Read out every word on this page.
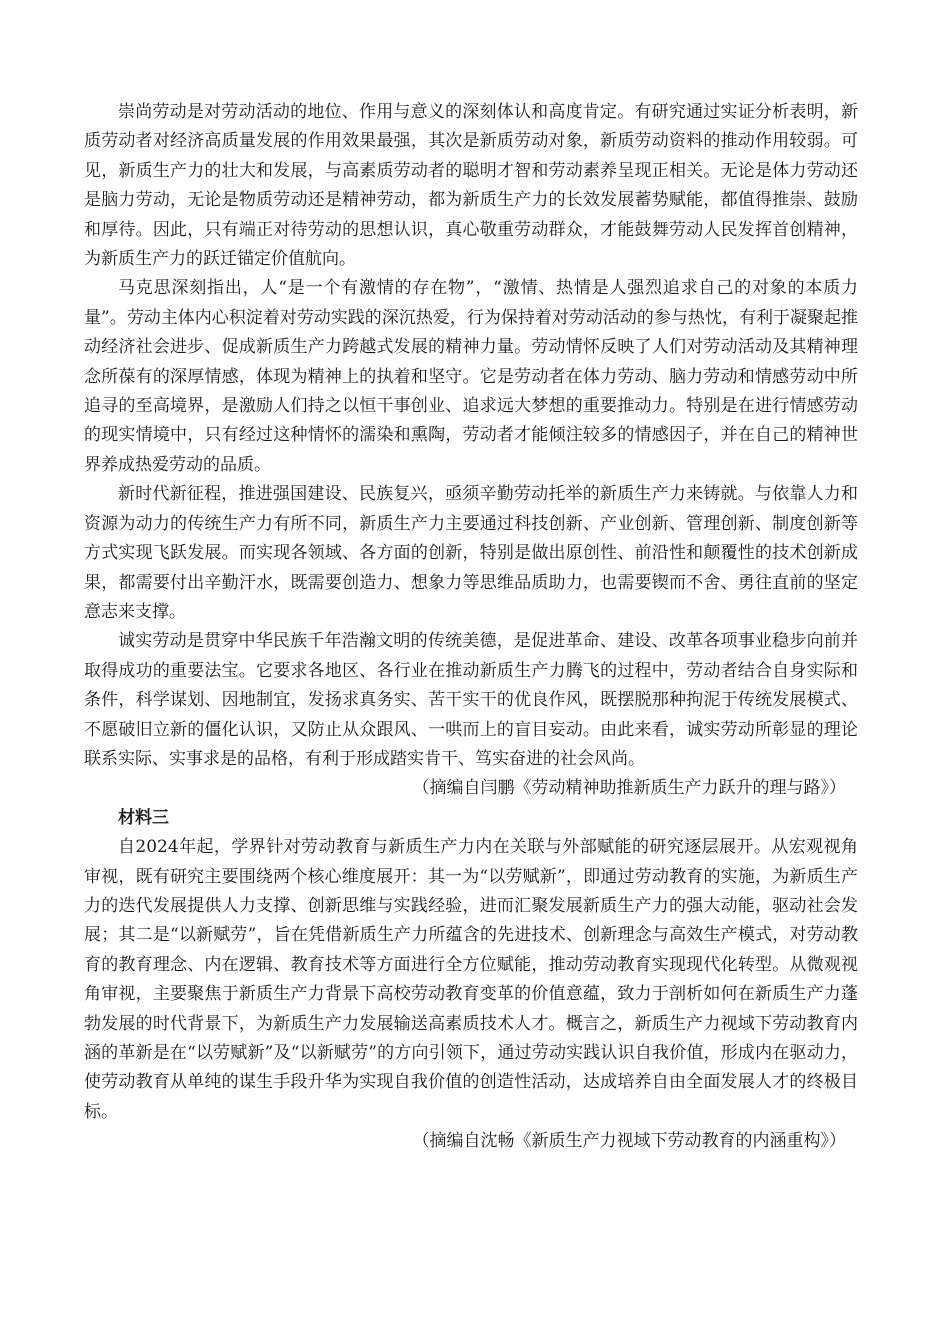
崇尚劳动是对劳动活动的地位、作用与意义的深刻体认和高度肯定。有研究通过实证分析表明，新质劳动者对经济高质量发展的作用效果最强，其次是新质劳动对象，新质劳动资料的推动作用较弱。可见，新质生产力的壮大和发展，与高素质劳动者的聪明才智和劳动素养呈现正相关。无论是体力劳动还是脑力劳动，无论是物质劳动还是精神劳动，都为新质生产力的长效发展蓄势赋能，都值得推崇、鼓励和厚待。因此，只有端正对待劳动的思想认识，真心敬重劳动群众，才能鼓舞劳动人民发挥首创精神，为新质生产力的跃迁锚定价值航向。

马克思深刻指出，人“是一个有激情的存在物”，“激情、热情是人强烈追求自己的对象的本质力量”。劳动主体内心积淀着对劳动实践的深沉热爱，行为保持着对劳动活动的参与热忱，有利于凝聚起推动经济社会进步、促成新质生产力跨越式发展的精神力量。劳动情怀反映了人们对劳动活动及其精神理念所葆有的深厚情感，体现为精神上的执着和坚守。它是劳动者在体力劳动、脑力劳动和情感劳动中所追寻的至高境界，是激励人们持之以恒干事创业、追求远大梦想的重要推动力。特别是在进行情感劳动的现实情境中，只有经过这种情怀的濡染和熏陶，劳动者才能倾注较多的情感因子，并在自己的精神世界养成热爱劳动的品质。

新时代新征程，推进强国建设、民族复兴，亟须辛勤劳动托举的新质生产力来铸就。与依靠人力和资源为动力的传统生产力有所不同，新质生产力主要通过科技创新、产业创新、管理创新、制度创新等方式实现飞跃发展。而实现各领域、各方面的创新，特别是做出原创性、前沿性和颠覆性的技术创新成果，都需要付出辛勤汗水，既需要创造力、想象力等思维品质助力，也需要锲而不舍、勇往直前的坚定意志来支撑。

诚实劳动是贯穿中华民族千年浩瀚文明的传统美德，是促进革命、建设、改革各项事业稳步向前并取得成功的重要法宝。它要求各地区、各行业在推动新质生产力腾飞的过程中，劳动者结合自身实际和条件，科学谋划、因地制宜，发扬求真务实、苦干实干的优良作风，既摆脱那种拘泥于传统发展模式、不愿破旧立新的僵化认识，又防止从众跟风、一哄而上的盲目妄动。由此来看，诚实劳动所彰显的理论联系实际、实事求是的品格，有利于形成踏实肯干、笃实奋进的社会风尚。

（摘编自闫鹏《劳动精神助推新质生产力跃升的理与路》）

材料三

自2024年起，学界针对劳动教育与新质生产力内在关联与外部赋能的研究逐层展开。从宏观视角审视，既有研究主要围绕两个核心维度展开：其一为“以劳赋新”，即通过劳动教育的实施，为新质生产力的迭代发展提供人力支撑、创新思维与实践经验，进而汇聚发展新质生产力的强大动能，驱动社会发展；其二是“以新赋劳”，旨在凭借新质生产力所蕴含的先进技术、创新理念与高效生产模式，对劳动教育的教育理念、内在逻辑、教育技术等方面进行全方位赋能，推动劳动教育实现现代化转型。从微观视角审视，主要聚焦于新质生产力背景下高校劳动教育变革的价值意蕴，致力于剖析如何在新质生产力蓬勃发展的时代背景下，为新质生产力发展输送高素质技术人才。概言之，新质生产力视域下劳动教育内涵的革新是在“以劳赋新”及“以新赋劳”的方向引领下，通过劳动实践认识自我价值，形成内在驱动力，使劳动教育从单纯的谋生手段升华为实现自我价值的创造性活动，达成培养自由全面发展人才的终极目标。

（摘编自沈畅《新质生产力视域下劳动教育的内涵重构》）
